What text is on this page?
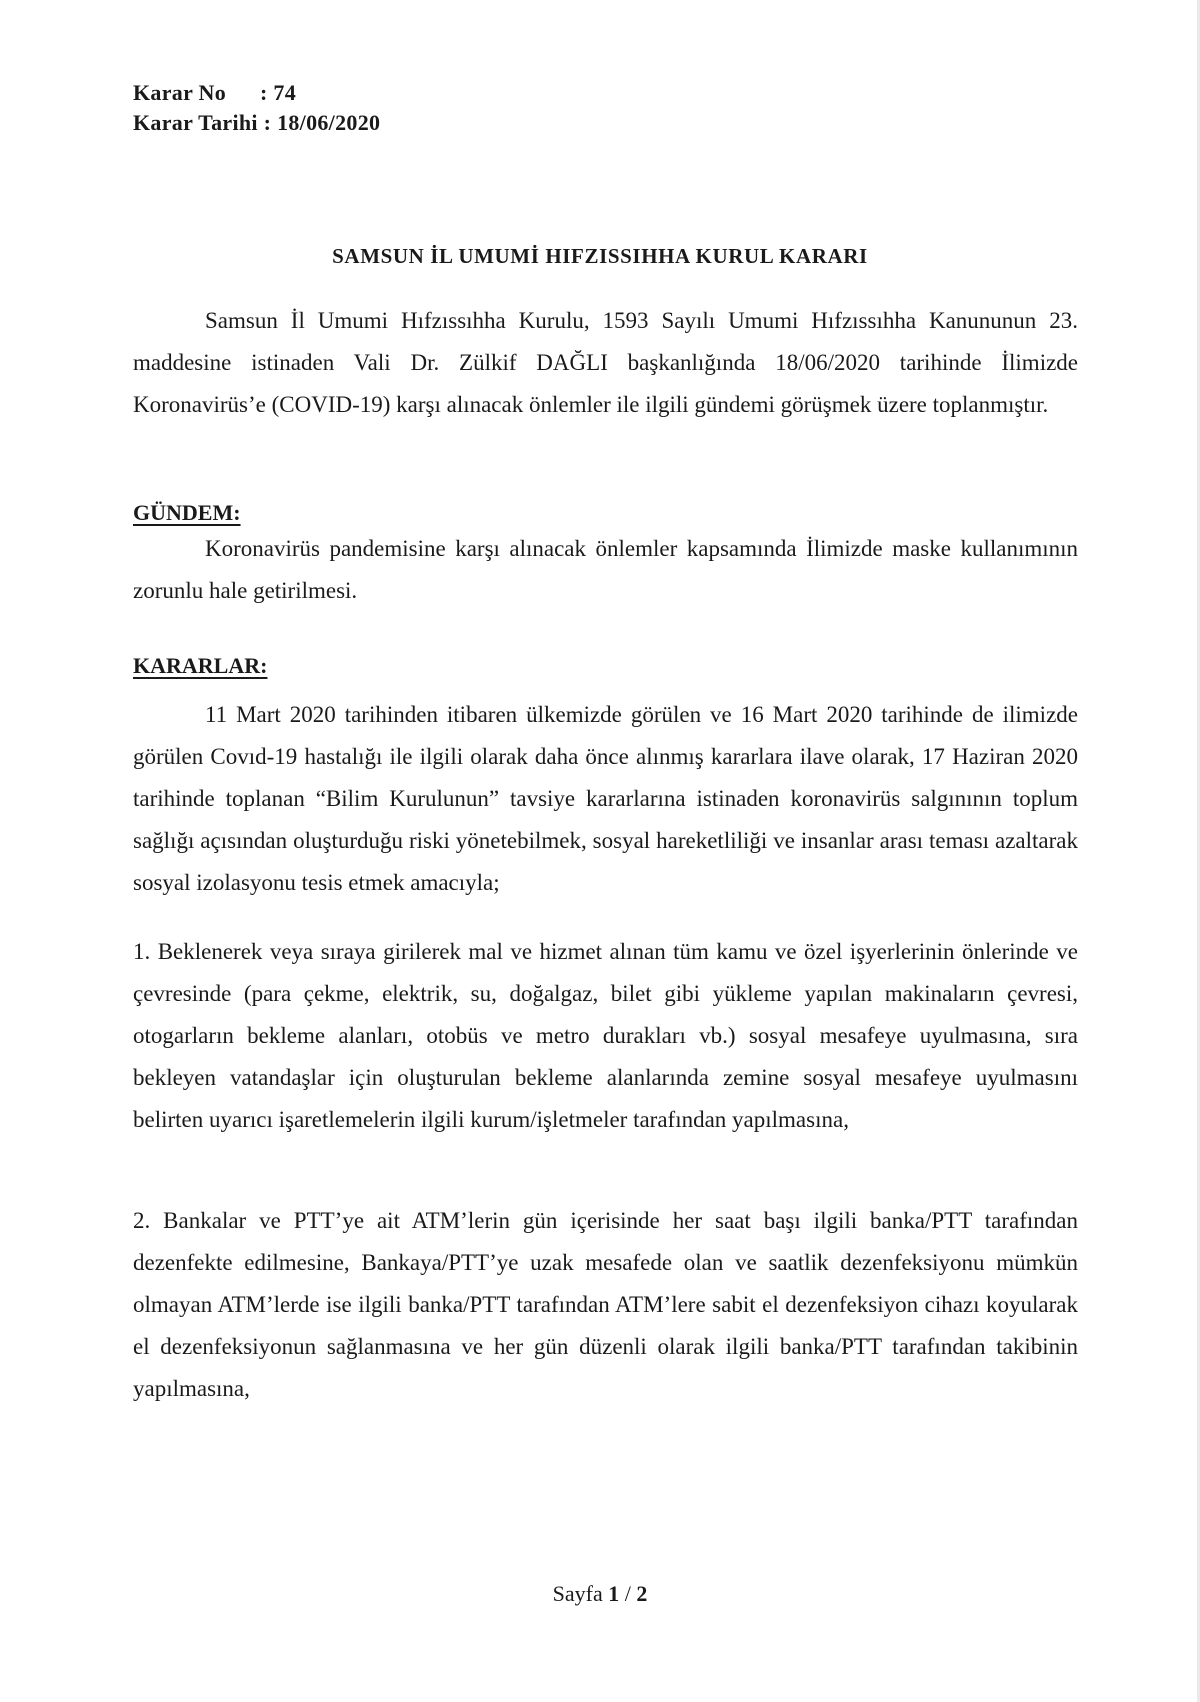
Karar No : 74
Karar Tarihi : 18/06/2020
SAMSUN İL UMUMİ HIFZISSIHHA KURUL KARARI
Samsun İl Umumi Hıfzıssıhha Kurulu, 1593 Sayılı Umumi Hıfzıssıhha Kanununun 23. maddesine istinaden Vali Dr. Zülkif DAĞLI başkanlığında 18/06/2020 tarihinde İlimizde Koronavirüs’e (COVID-19) karşı alınacak önlemler ile ilgili gündemi görüşmek üzere toplanmıştır.
GÜNDEM:
Koronavirüs pandemisine karşı alınacak önlemler kapsamında İlimizde maske kullanımının zorunlu hale getirilmesi.
KARARLAR:
11 Mart 2020 tarihinden itibaren ülkemizde görülen ve 16 Mart 2020 tarihinde de ilimizde görülen Covıd-19 hastalığı ile ilgili olarak daha önce alınmış kararlara ilave olarak, 17 Haziran 2020 tarihinde toplanan “Bilim Kurulunun” tavsiye kararlarına istinaden koronavirüs salgınının toplum sağlığı açısından oluşturduğu riski yönetebilmek, sosyal hareketliliği ve insanlar arası teması azaltarak sosyal izolasyonu tesis etmek amacıyla;
1. Beklenerek veya sıraya girilerek mal ve hizmet alınan tüm kamu ve özel işyerlerinin önlerinde ve çevresinde (para çekme, elektrik, su, doğalgaz, bilet gibi yükleme yapılan makinaların çevresi, otogarların bekleme alanları, otobüs ve metro durakları vb.) sosyal mesafeye uyulmasına, sıra bekleyen vatandaşlar için oluşturulan bekleme alanlarında zemine sosyal mesafeye uyulmasını belirten uyarıcı işaretlemelerin ilgili kurum/işletmeler tarafından yapılmasına,
2. Bankalar ve PTT’ye ait ATM’lerin gün içerisinde her saat başı ilgili banka/PTT tarafından dezenfekte edilmesine, Bankaya/PTT’ye uzak mesafede olan ve saatlik dezenfeksiyonu mümkün olmayan ATM’lerde ise ilgili banka/PTT tarafından ATM’lere sabit el dezenfeksiyon cihazı koyularak el dezenfeksiyonun sağlanmasına ve her gün düzenli olarak ilgili banka/PTT tarafından takibinin yapılmasına,
Sayfa 1 / 2
